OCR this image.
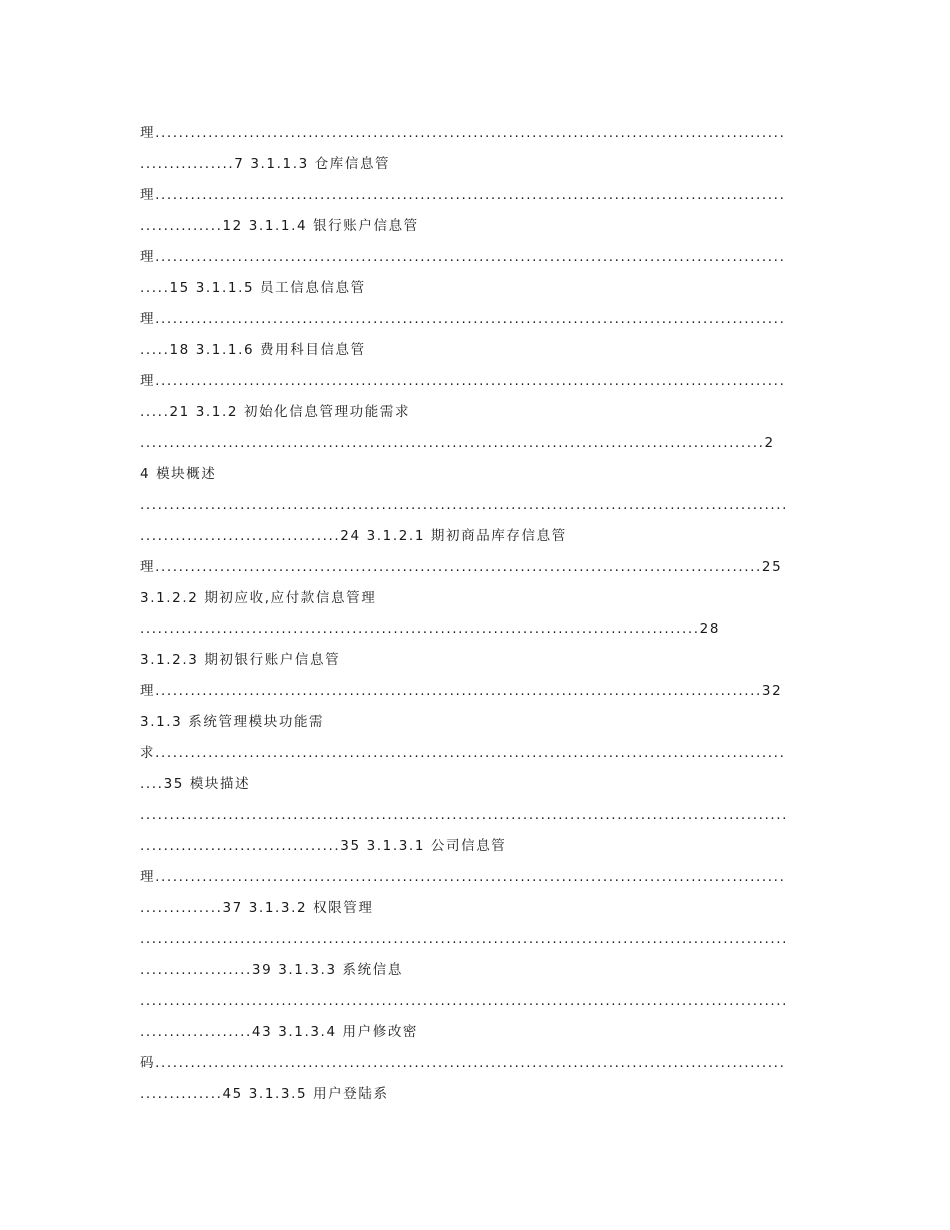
理...........................................................................................................
................7 3.1.1.3 仓库信息管
理...........................................................................................................
..............12 3.1.1.4 银行账户信息管
理...........................................................................................................
.....15 3.1.1.5 员工信息信息管
理...........................................................................................................
.....18 3.1.1.6 费用科目信息管
理...........................................................................................................
.....21 3.1.2 初始化信息管理功能需求
..........................................................................................................2
4 模块概述
..............................................................................................................
..................................24 3.1.2.1 期初商品库存信息管
理.......................................................................................................25
3.1.2.2 期初应收,应付款信息管理
...............................................................................................28
3.1.2.3 期初银行账户信息管
理.......................................................................................................32
3.1.3 系统管理模块功能需
求...........................................................................................................
....35 模块描述
..............................................................................................................
..................................35 3.1.3.1 公司信息管
理...........................................................................................................
..............37 3.1.3.2 权限管理
..............................................................................................................
...................39 3.1.3.3 系统信息
..............................................................................................................
...................43 3.1.3.4 用户修改密
码...........................................................................................................
..............45 3.1.3.5 用户登陆系
